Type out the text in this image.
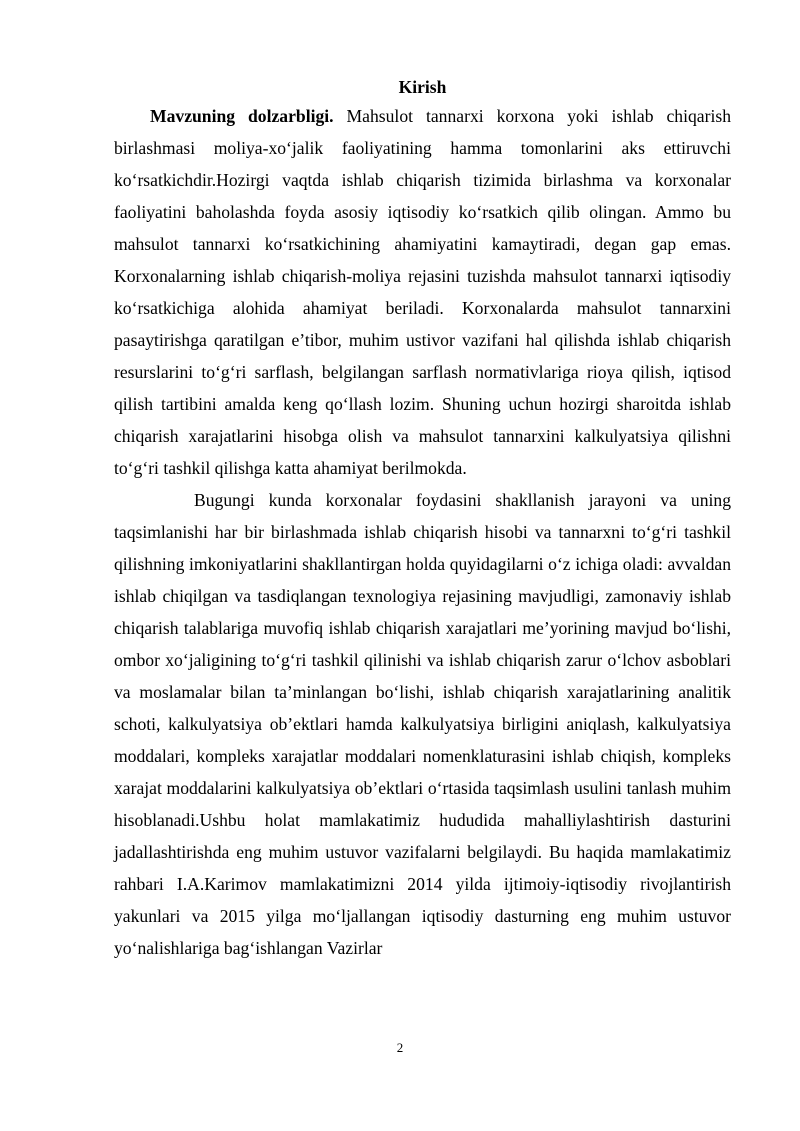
Kirish

Mavzuning dolzarbligi. Mahsulot tannarxi korxona yoki ishlab chiqarish birlashmasi moliya-xo‘jalik faoliyatining hamma tomonlarini aks ettiruvchi ko‘rsatkichdir.Hozirgi vaqtda ishlab chiqarish tizimida birlashma va korxonalar faoliyatini baholashda foyda asosiy iqtisodiy ko‘rsatkich qilib olingan. Ammo bu mahsulot tannarxi ko‘rsatkichining ahamiyatini kamaytiradi, degan gap emas. Korxonalarning ishlab chiqarish-moliya rejasini tuzishda mahsulot tannarxi iqtisodiy ko‘rsatkichiga alohida ahamiyat beriladi. Korxonalarda mahsulot tannarxini pasaytirishga qaratilgan e’tibor, muhim ustivor vazifani hal qilishda ishlab chiqarish resurslarini to‘g‘ri sarflash, belgilangan sarflash normativlariga rioya qilish, iqtisod qilish tartibini amalda keng qo‘llash lozim. Shuning uchun hozirgi sharoitda ishlab chiqarish xarajatlarini hisobga olish va mahsulot tannarxini kalkulyatsiya qilishni to‘g‘ri tashkil qilishga katta ahamiyat berilmokda.

Bugungi kunda korxonalar foydasini shakllanish jarayoni va uning taqsimlanishi har bir birlashmada ishlab chiqarish hisobi va tannarxni to‘g‘ri tashkil qilishning imkoniyatlarini shakllantirgan holda quyidagilarni o‘z ichiga oladi: avvaldan ishlab chiqilgan va tasdiqlangan texnologiya rejasining mavjudligi, zamonaviy ishlab chiqarish talablariga muvofiq ishlab chiqarish xarajatlari me’yorining mavjud bo‘lishi, ombor xo‘jaligining to‘g‘ri tashkil qilinishi va ishlab chiqarish zarur o‘lchov asboblari va moslamalar bilan ta’minlangan bo‘lishi, ishlab chiqarish xarajatlarining analitik schoti, kalkulyatsiya ob’ektlari hamda kalkulyatsiya birligini aniqlash, kalkulyatsiya moddalari, kompleks xarajatlar moddalari nomenklaturasini ishlab chiqish, kompleks xarajat moddalarini kalkulyatsiya ob’ektlari o‘rtasida taqsimlash usulini tanlash muhim hisoblanadi.Ushbu holat mamlakatimiz hududida mahalliylashtirish dasturini jadallashtirishda eng muhim ustuvor vazifalarni belgilaydi. Bu haqida mamlakatimiz rahbari I.A.Karimov mamlakatimizni 2014 yilda ijtimoiy-iqtisodiy rivojlantirish yakunlari va 2015 yilga mo‘ljallangan iqtisodiy dasturning eng muhim ustuvor yo‘nalishlariga bag‘ishlangan Vazirlar

2
